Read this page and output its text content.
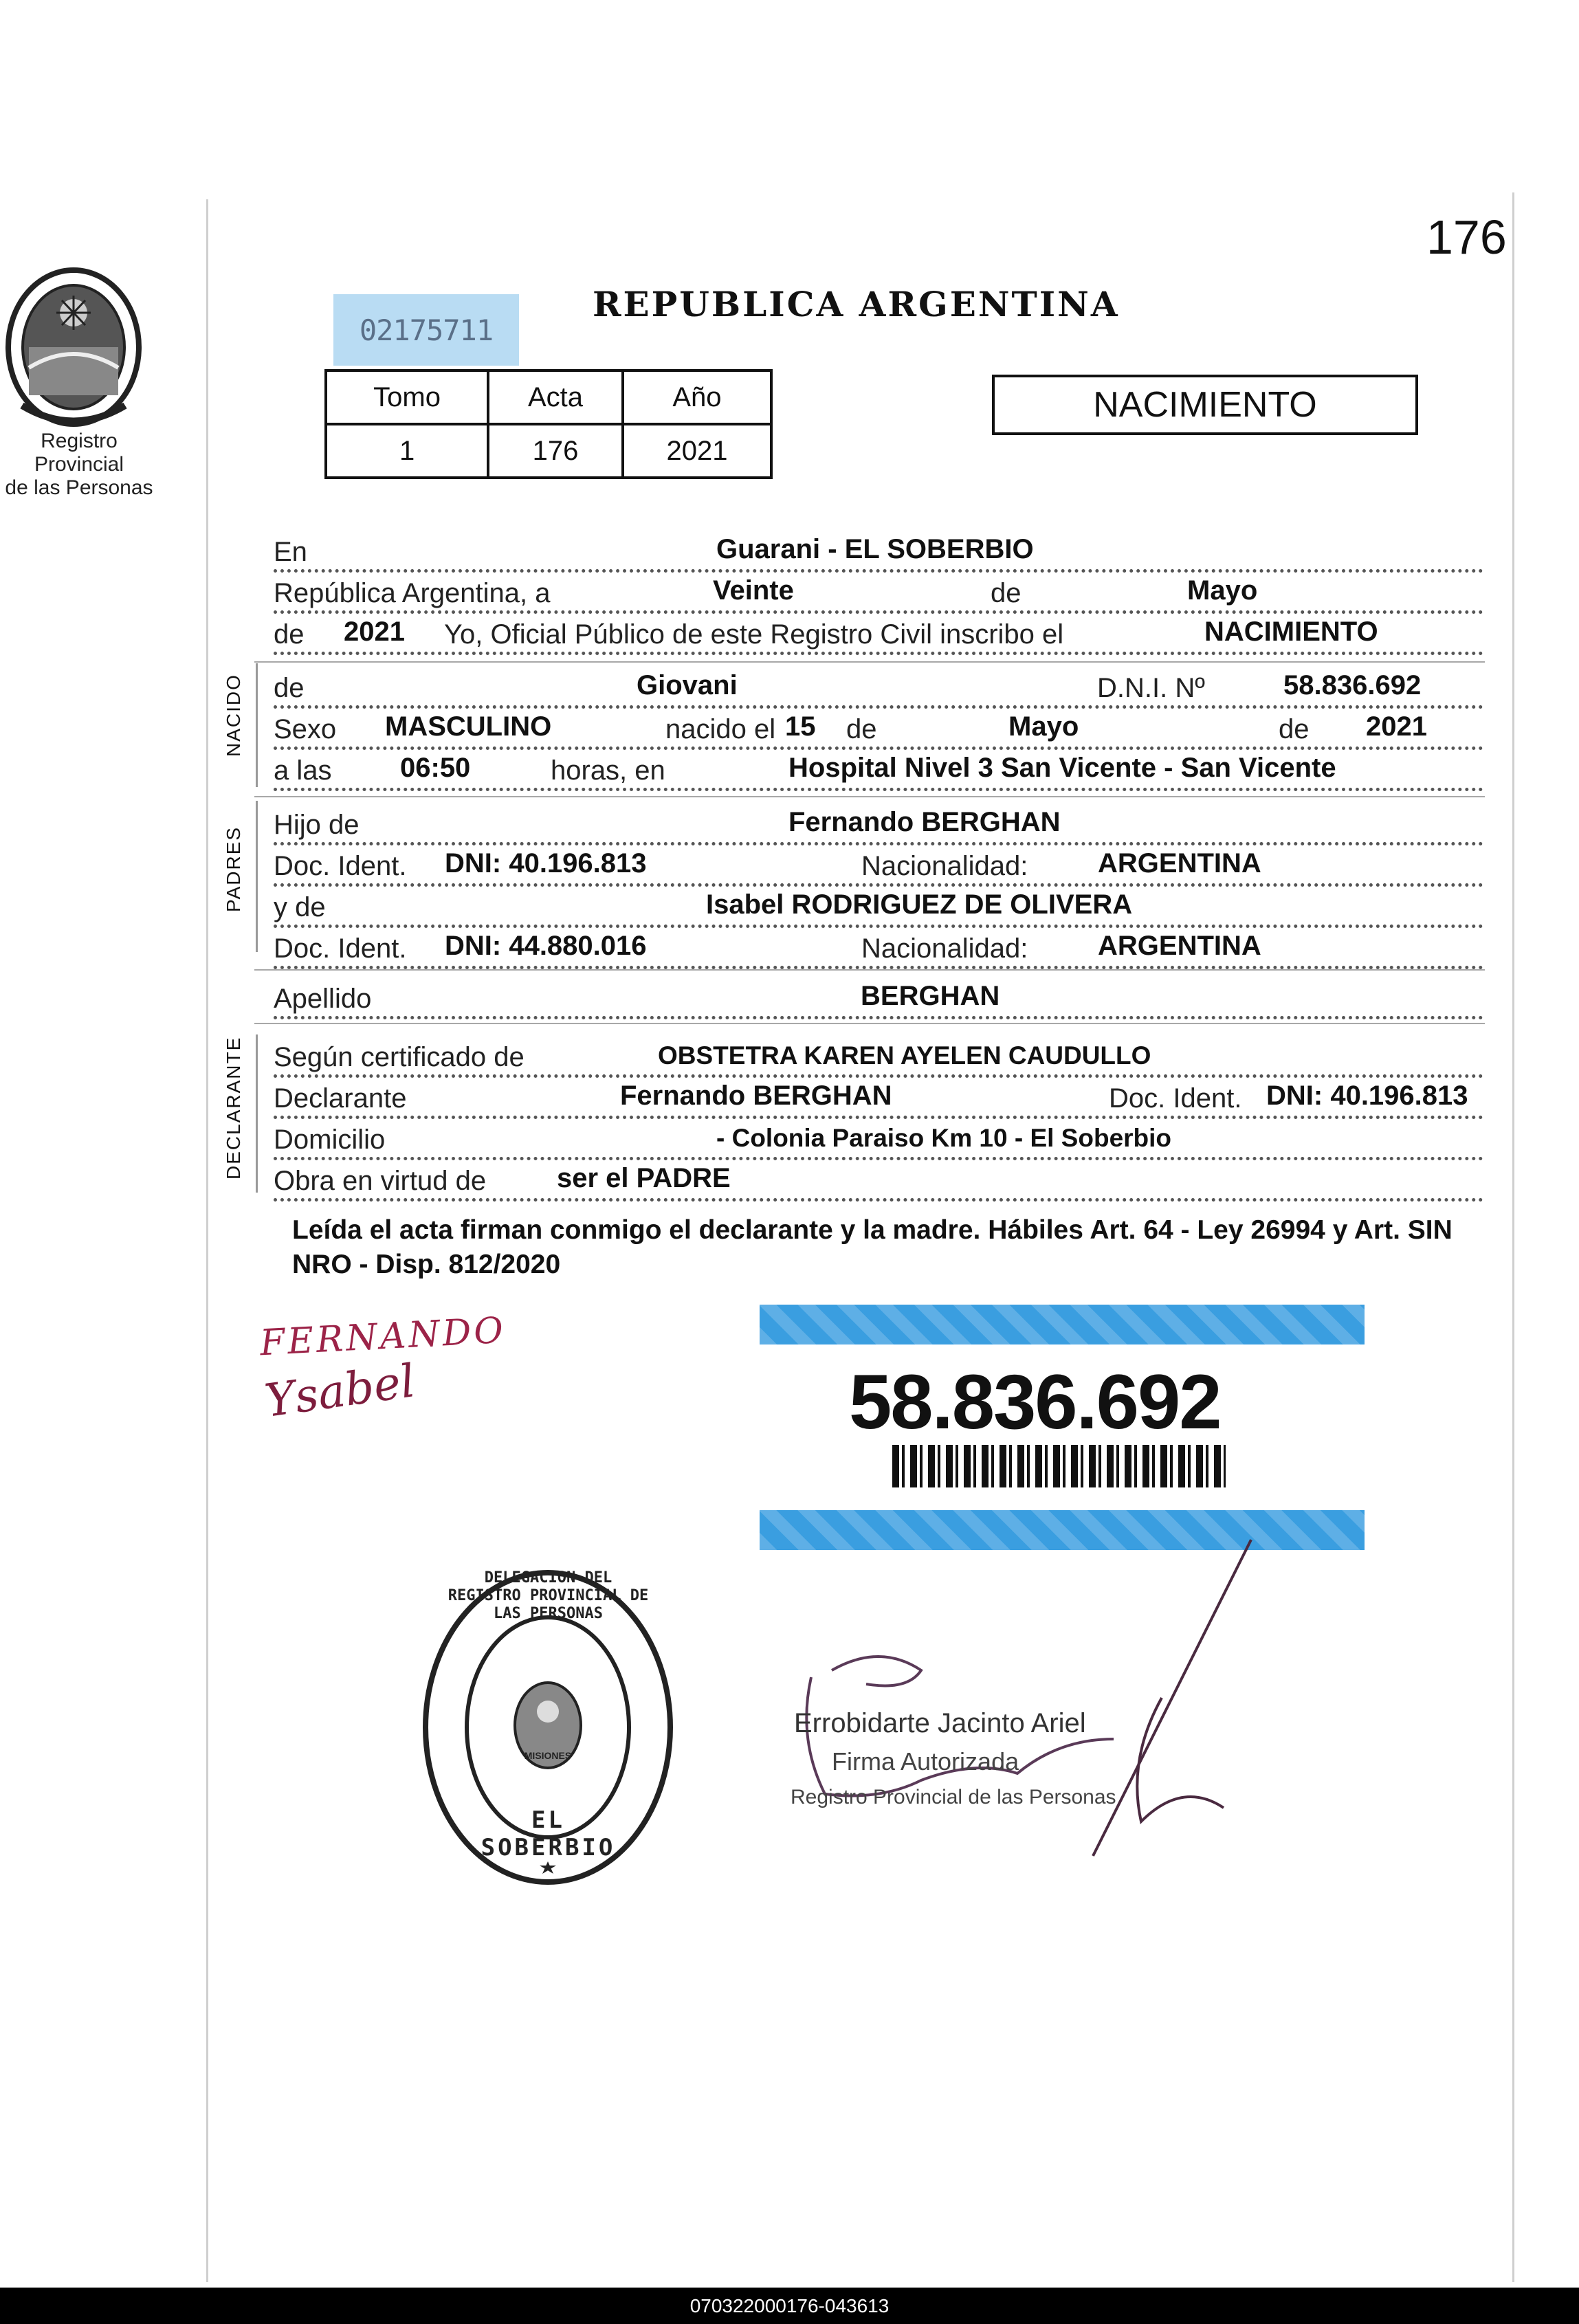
176
Registro Provincial
de las Personas
02175711
REPUBLICA ARGENTINA
Tomo	Acta	Año
1	176	2021
NACIMIENTO
En	Guarani - EL SOBERBIO
República Argentina, a	Veinte	de	Mayo
de 2021 Yo, Oficial Público de este Registro Civil inscribo el	NACIMIENTO
NACIDO de	Giovani	D.N.I. Nº	58.836.692
Sexo MASCULINO	nacido el 15 de	Mayo	de 2021
a las 06:50	horas, en	Hospital Nivel 3 San Vicente - San Vicente
PADRES
Hijo de	Fernando BERGHAN
Doc. Ident. DNI: 40.196.813	Nacionalidad:	ARGENTINA
y de	Isabel RODRIGUEZ DE OLIVERA
Doc. Ident. DNI: 44.880.016	Nacionalidad:	ARGENTINA
Apellido	BERGHAN
DECLARANTE Según certificado de	OBSTETRA KAREN AYELEN CAUDULLO
Declarante	Fernando BERGHAN	Doc. Ident. DNI: 40.196.813
Domicilio	- Colonia Paraiso Km 10 - El Soberbio
Obra en virtud de	ser el PADRE
Leída el acta firman conmigo el declarante y la madre. Hábiles Art. 64 - Ley 26994 y Art. SIN NRO - Disp. 812/2020
FERNANDO
Ysabel	58.836.692
DELEGACION DEL REGISTRO PROVINCIAL DE LAS PERSONAS
MISIONES
EL SOBERBIO
Errobidarte Jacinto Ariel
Firma Autorizada
Registro Provincial de las Personas
070322000176-043613
